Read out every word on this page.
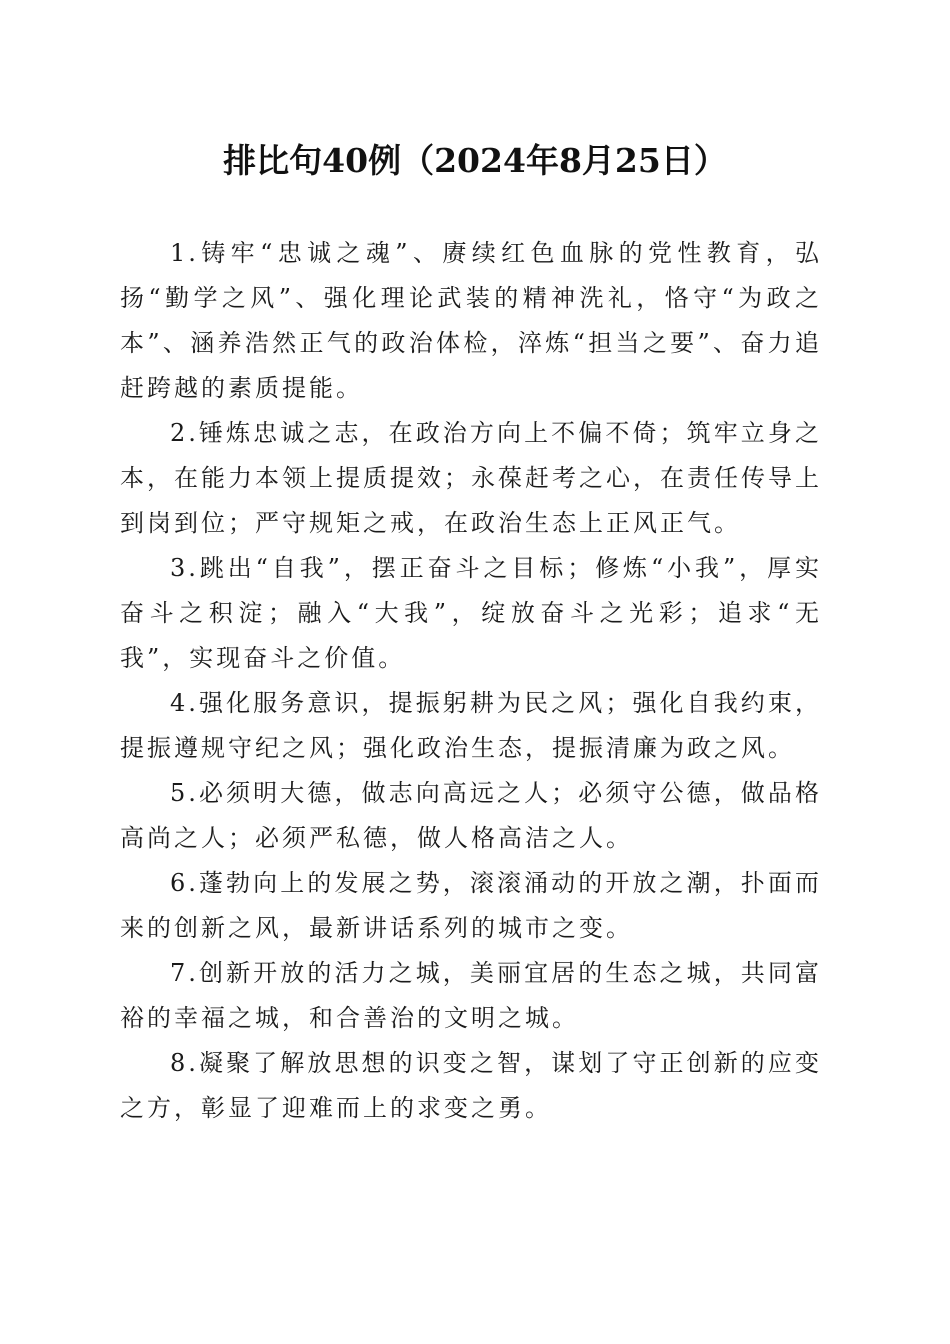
排比句40例（2024年8月25日）

1.铸牢“忠诚之魂”、赓续红色血脉的党性教育，弘扬“勤学之风”、强化理论武装的精神洗礼，恪守“为政之本”、涵养浩然正气的政治体检，淬炼“担当之要”、奋力追赶跨越的素质提能。

2.锤炼忠诚之志，在政治方向上不偏不倚；筑牢立身之本，在能力本领上提质提效；永葆赶考之心，在责任传导上到岗到位；严守规矩之戒，在政治生态上正风正气。

3.跳出“自我”，摆正奋斗之目标；修炼“小我”，厚实奋斗之积淀；融入“大我”，绽放奋斗之光彩；追求“无我”，实现奋斗之价值。

4.强化服务意识，提振躬耕为民之风；强化自我约束，提振遵规守纪之风；强化政治生态，提振清廉为政之风。

5.必须明大德，做志向高远之人；必须守公德，做品格高尚之人；必须严私德，做人格高洁之人。

6.蓬勃向上的发展之势，滚滚涌动的开放之潮，扑面而来的创新之风，最新讲话系列的城市之变。

7.创新开放的活力之城，美丽宜居的生态之城，共同富裕的幸福之城，和合善治的文明之城。

8.凝聚了解放思想的识变之智，谋划了守正创新的应变之方，彰显了迎难而上的求变之勇。
